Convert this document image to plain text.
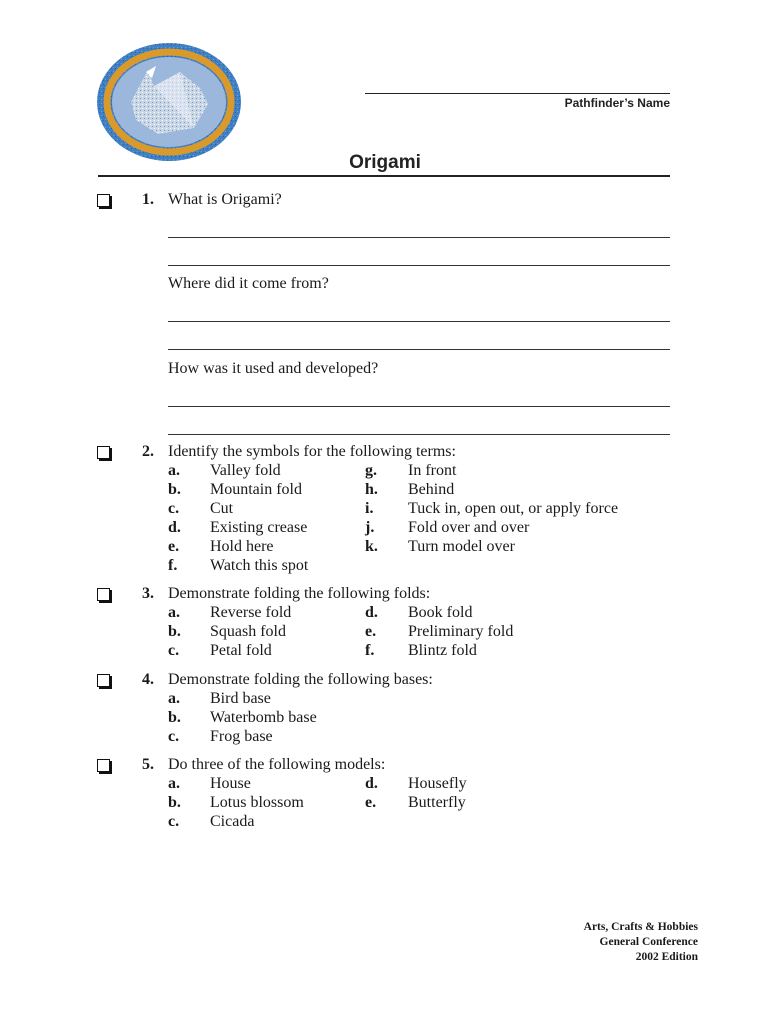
Pathfinder’s Name
Origami
1. What is Origami?
Where did it come from?
How was it used and developed?
2. Identify the symbols for the following terms:
a. Valley fold
b. Mountain fold
c. Cut
d. Existing crease
e. Hold here
f. Watch this spot
g. In front
h. Behind
i. Tuck in, open out, or apply force
j. Fold over and over
k. Turn model over
3. Demonstrate folding the following folds:
a. Reverse fold
b. Squash fold
c. Petal fold
d. Book fold
e. Preliminary fold
f. Blintz fold
4. Demonstrate folding the following bases:
a. Bird base
b. Waterbomb base
c. Frog base
5. Do three of the following models:
a. House
b. Lotus blossom
c. Cicada
d. Housefly
e. Butterfly
Arts, Crafts & Hobbies
General Conference
2002 Edition
